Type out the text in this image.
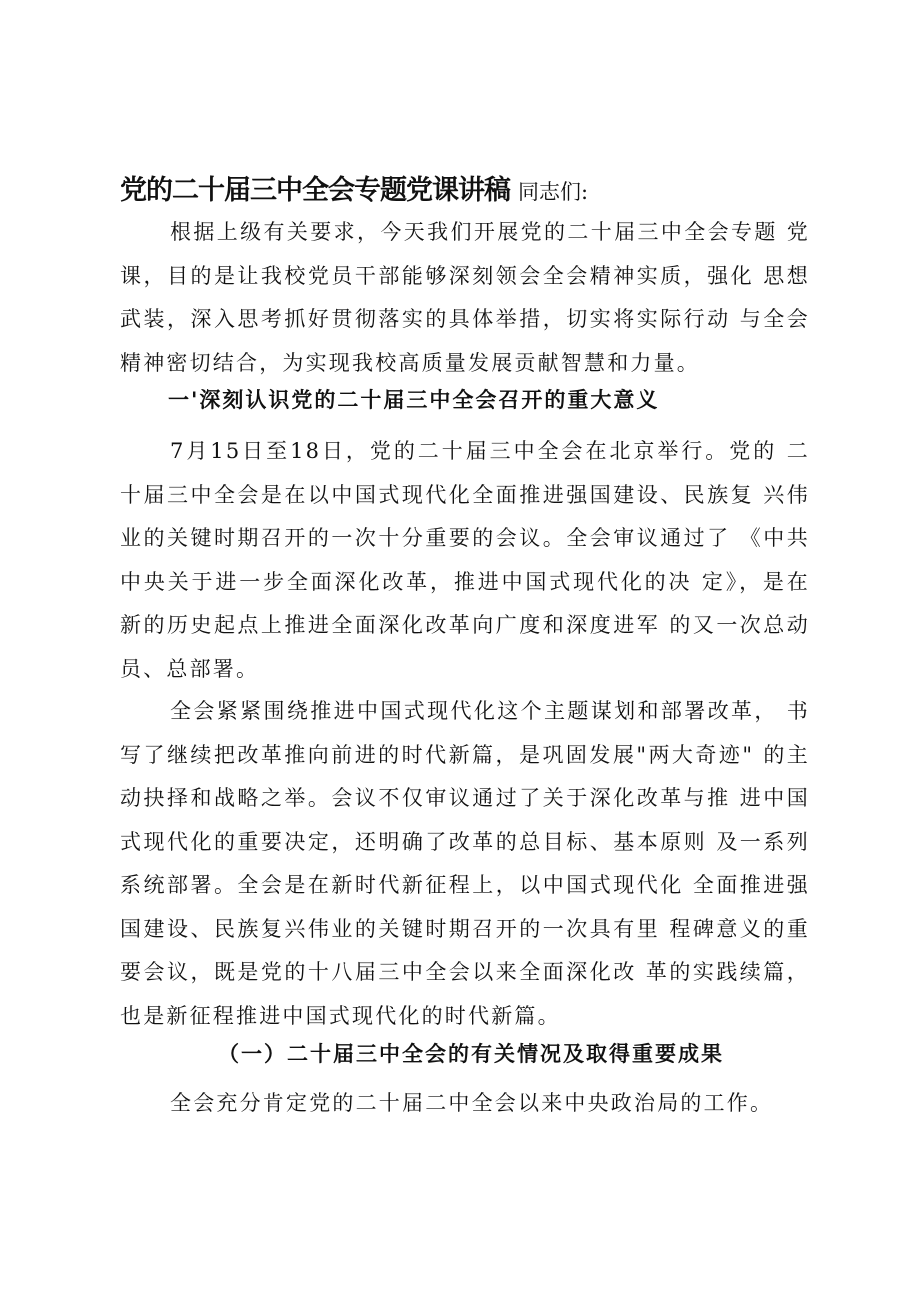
党的二十届三中全会专题党课讲稿 同志们:

根据上级有关要求，今天我们开展党的二十届三中全会专题 党课，目的是让我校党员干部能够深刻领会全会精神实质，强化 思想武装，深入思考抓好贯彻落实的具体举措，切实将实际行动 与全会精神密切结合，为实现我校高质量发展贡献智慧和力量。

一'深刻认识党的二十届三中全会召开的重大意义

7月15日至18日，党的二十届三中全会在北京举行。党的 二十届三中全会是在以中国式现代化全面推进强国建设、民族复 兴伟业的关键时期召开的一次十分重要的会议。全会审议通过了 《中共中央关于进一步全面深化改革，推进中国式现代化的决 定》，是在新的历史起点上推进全面深化改革向广度和深度进军 的又一次总动员、总部署。

全会紧紧围绕推进中国式现代化这个主题谋划和部署改革， 书写了继续把改革推向前进的时代新篇，是巩固发展"两大奇迹" 的主动抉择和战略之举。会议不仅审议通过了关于深化改革与推 进中国式现代化的重要决定，还明确了改革的总目标、基本原则 及一系列系统部署。全会是在新时代新征程上，以中国式现代化 全面推进强国建设、民族复兴伟业的关键时期召开的一次具有里 程碑意义的重要会议，既是党的十八届三中全会以来全面深化改 革的实践续篇，也是新征程推进中国式现代化的时代新篇。

（一）二十届三中全会的有关情况及取得重要成果

全会充分肯定党的二十届二中全会以来中央政治局的工作。
